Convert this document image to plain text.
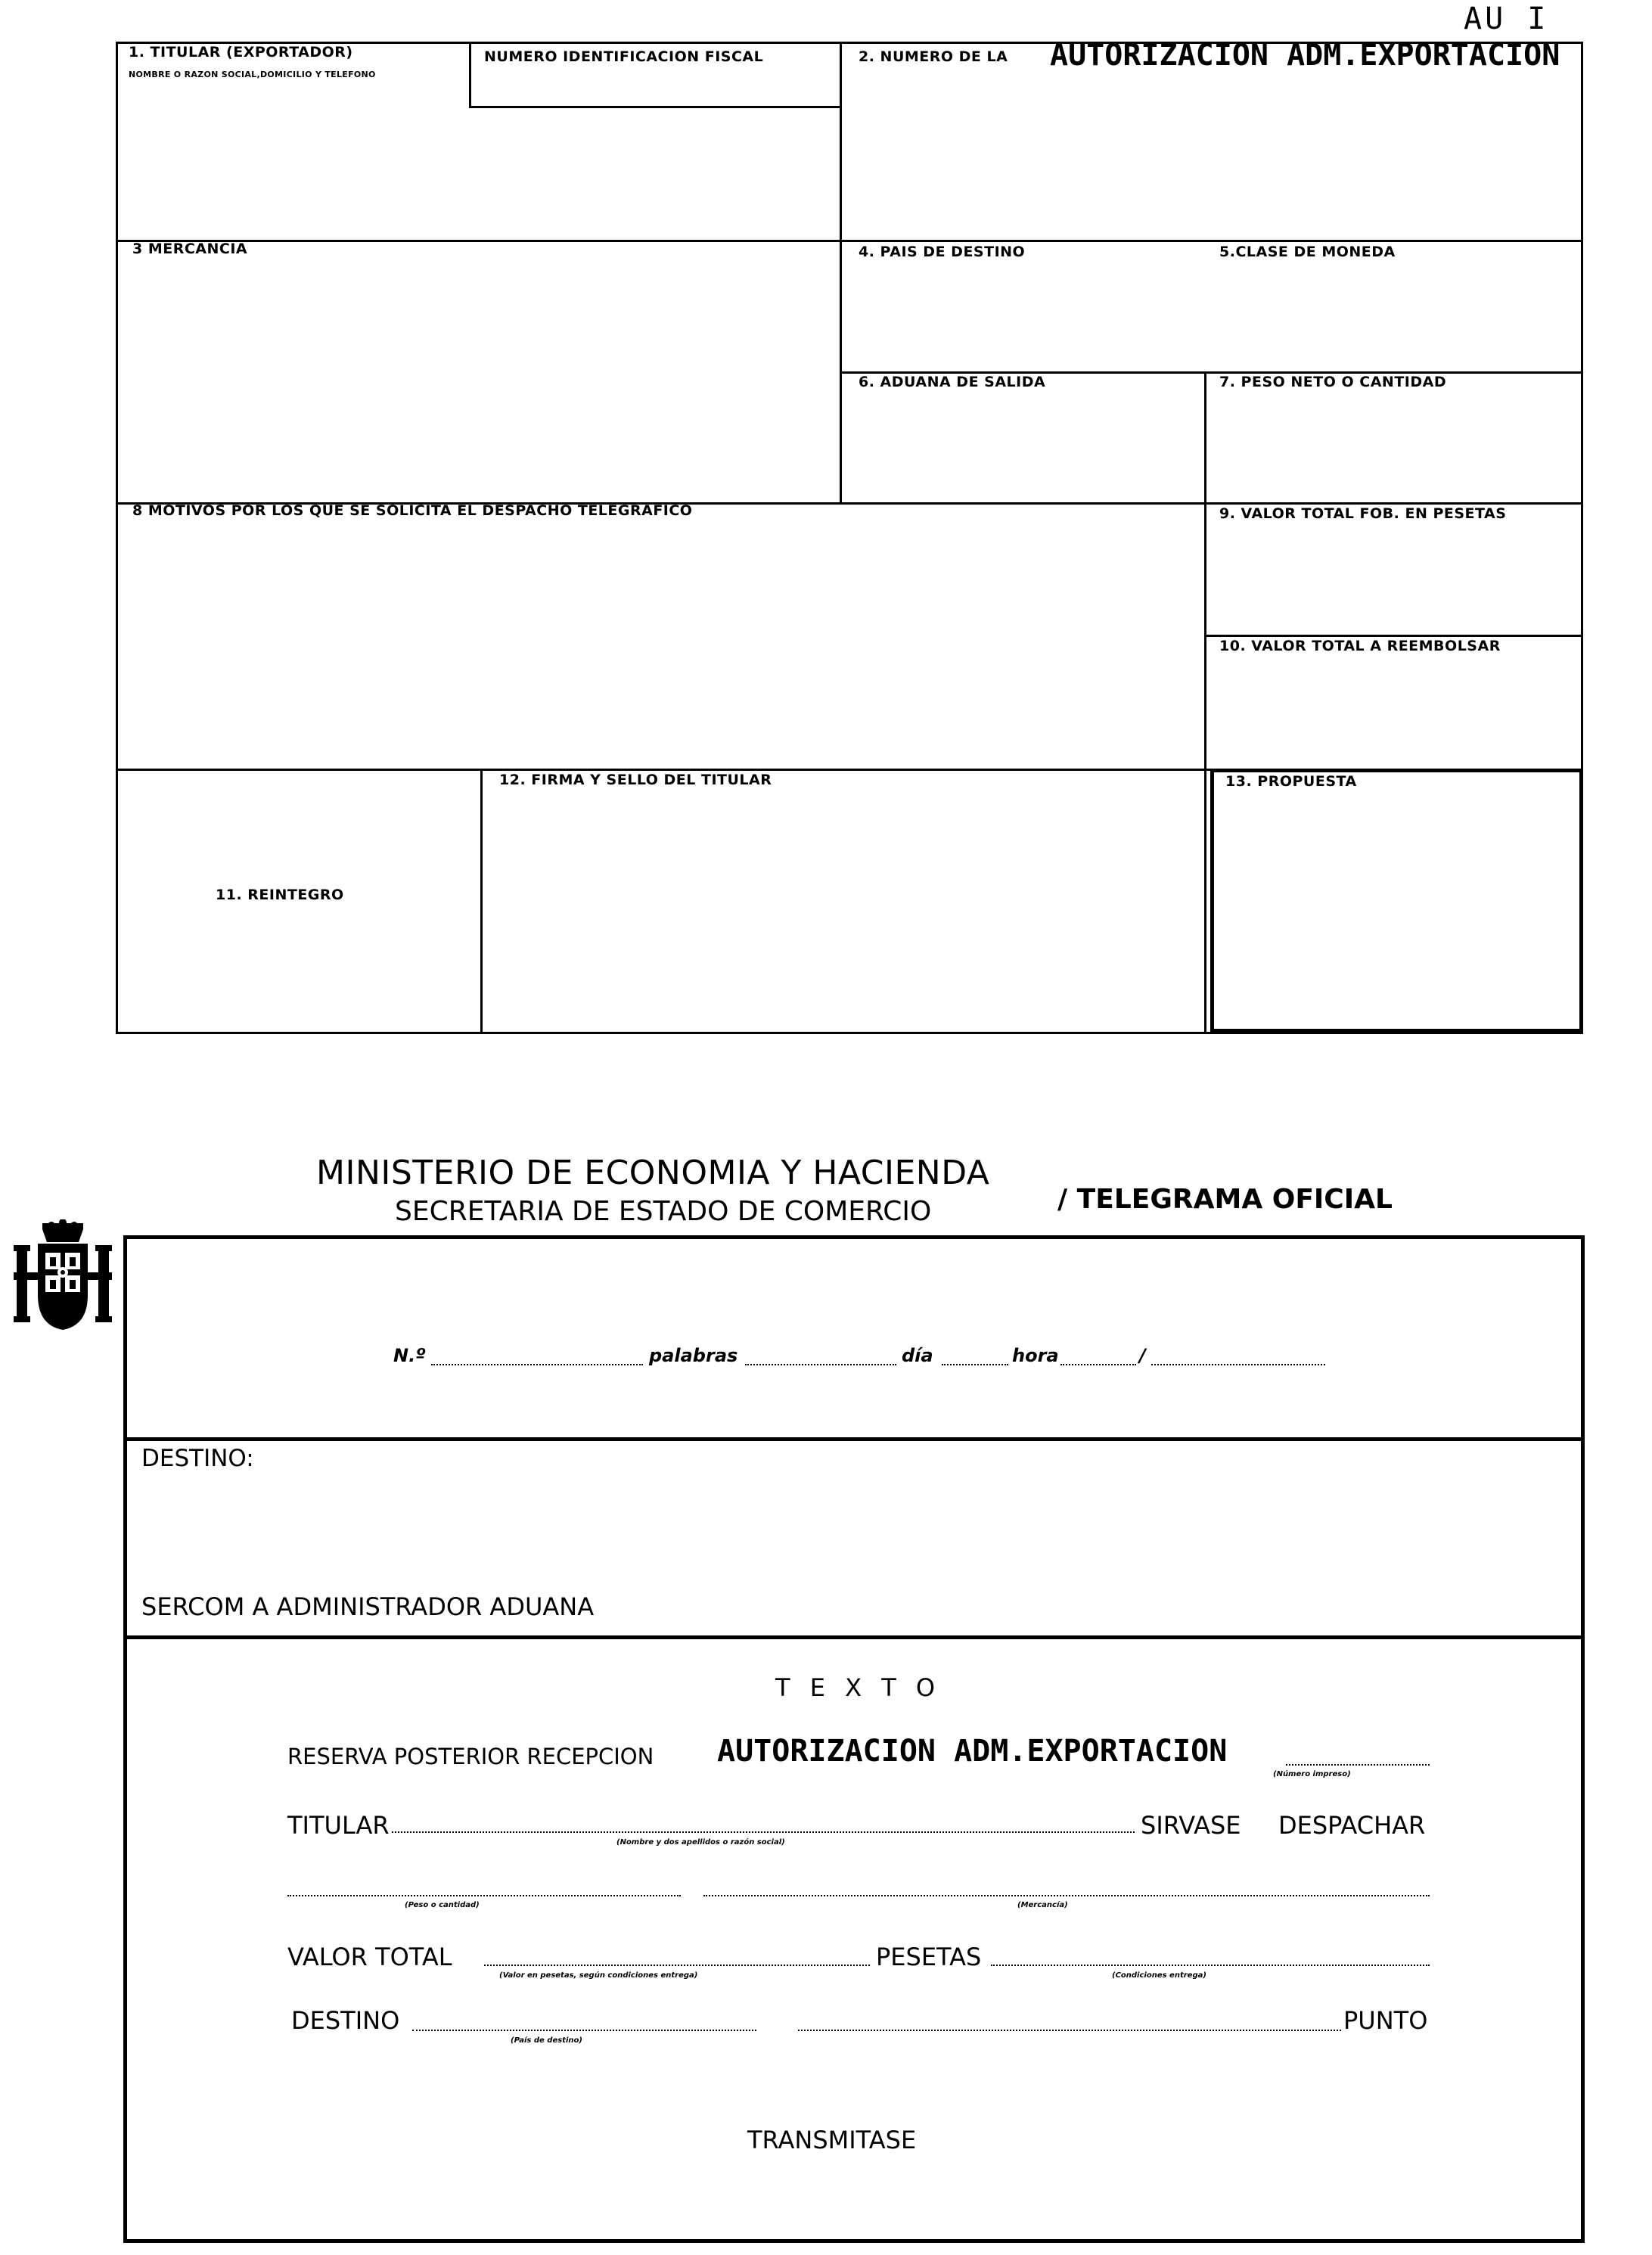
AU I
1. TITULAR (EXPORTADOR)
NOMBRE O RAZON SOCIAL,DOMICILIO Y TELEFONO
NUMERO IDENTIFICACION FISCAL	2. NUMERO DE LA AUTORIZACION ADM.EXPORTACION
3 MERCANCIA	4. PAIS DE DESTINO	5.CLASE DE MONEDA
6. ADUANA DE SALIDA	7. PESO NETO O CANTIDAD
8 MOTIVOS POR LOS QUE SE SOLICITA EL DESPACHO TELEGRAFICO	9. VALOR TOTAL FOB. EN PESETAS
10. VALOR TOTAL A REEMBOLSAR
11. REINTEGRO
12. FIRMA Y SELLO DEL TITULAR	13. PROPUESTA
MINISTERIO DE ECONOMIA Y HACIENDA
SECRETARIA DE ESTADO DE COMERCIO	/ TELEGRAMA OFICIAL
N.º	palabras	día	hora	/
DESTINO:
SERCOM A ADMINISTRADOR ADUANA
T E X T O
RESERVA POSTERIOR RECEPCION AUTORIZACION ADM.EXPORTACION
(Número impreso)
TITULAR
(Nombre y dos apellidos o razón social)
SIRVASE DESPACHAR
(Peso o cantidad)	(Mercancía)
VALOR TOTAL
(Valor en pesetas, según condiciones entrega)
PESETAS
(Condiciones entrega)
DESTINO
(País de destino)
PUNTO
TRANSMITASE
